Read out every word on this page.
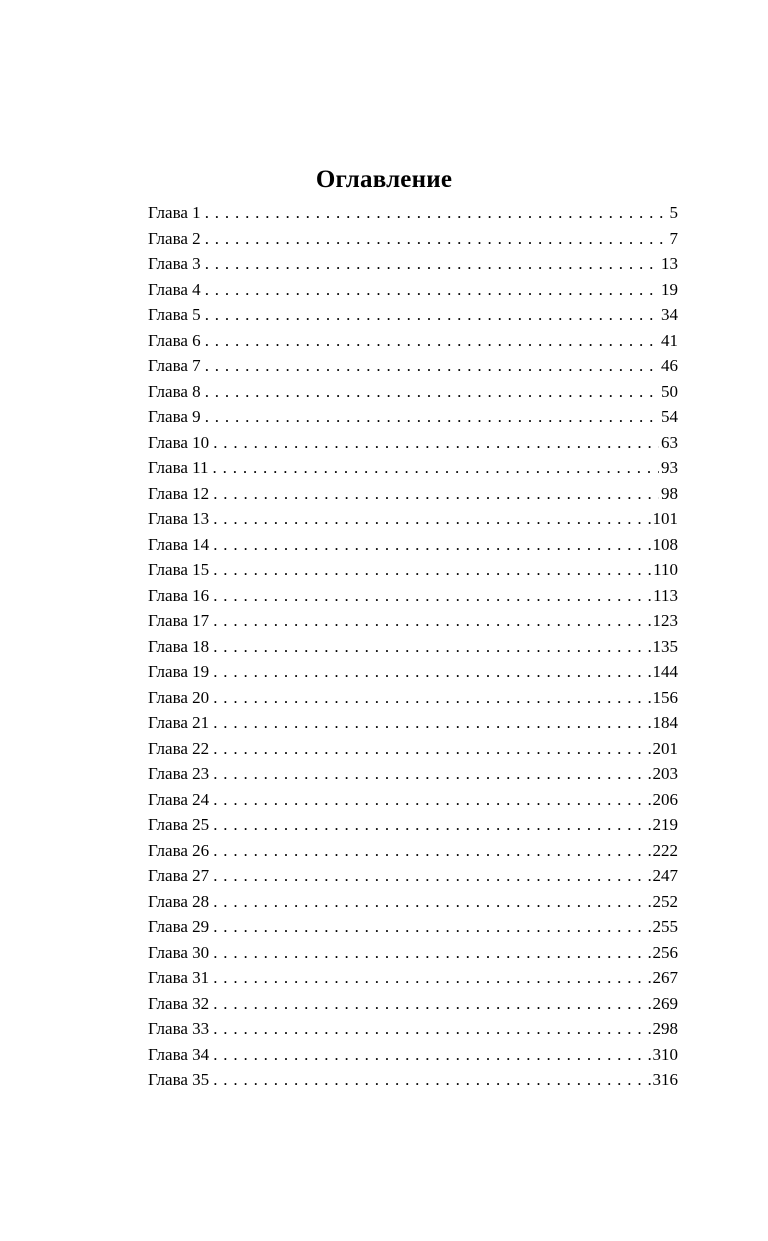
Оглавление
Глава 1 . . .	5
Глава 2 . . .	7
Глава 3 . . .	13
Глава 4 . . .	19
Глава 5 . . .	34
Глава 6 . . .	41
Глава 7 . . .	46
Глава 8 . . .	50
Глава 9 . . .	54
Глава 10 . . .	63
Глава 11 . . .	93
Глава 12 . . .	98
Глава 13 . . .	101
Глава 14 . . .	108
Глава 15 . . .	110
Глава 16 . . .	113
Глава 17 . . .	123
Глава 18 . . .	135
Глава 19 . . .	144
Глава 20 . . .	156
Глава 21 . . .	184
Глава 22 . . .	201
Глава 23 . . .	203
Глава 24 . . .	206
Глава 25 . . .	219
Глава 26 . . .	222
Глава 27 . . .	247
Глава 28 . . .	252
Глава 29 . . .	255
Глава 30 . . .	256
Глава 31 . . .	267
Глава 32 . . .	269
Глава 33 . . .	298
Глава 34 . . .	310
Глава 35 . . .	316
